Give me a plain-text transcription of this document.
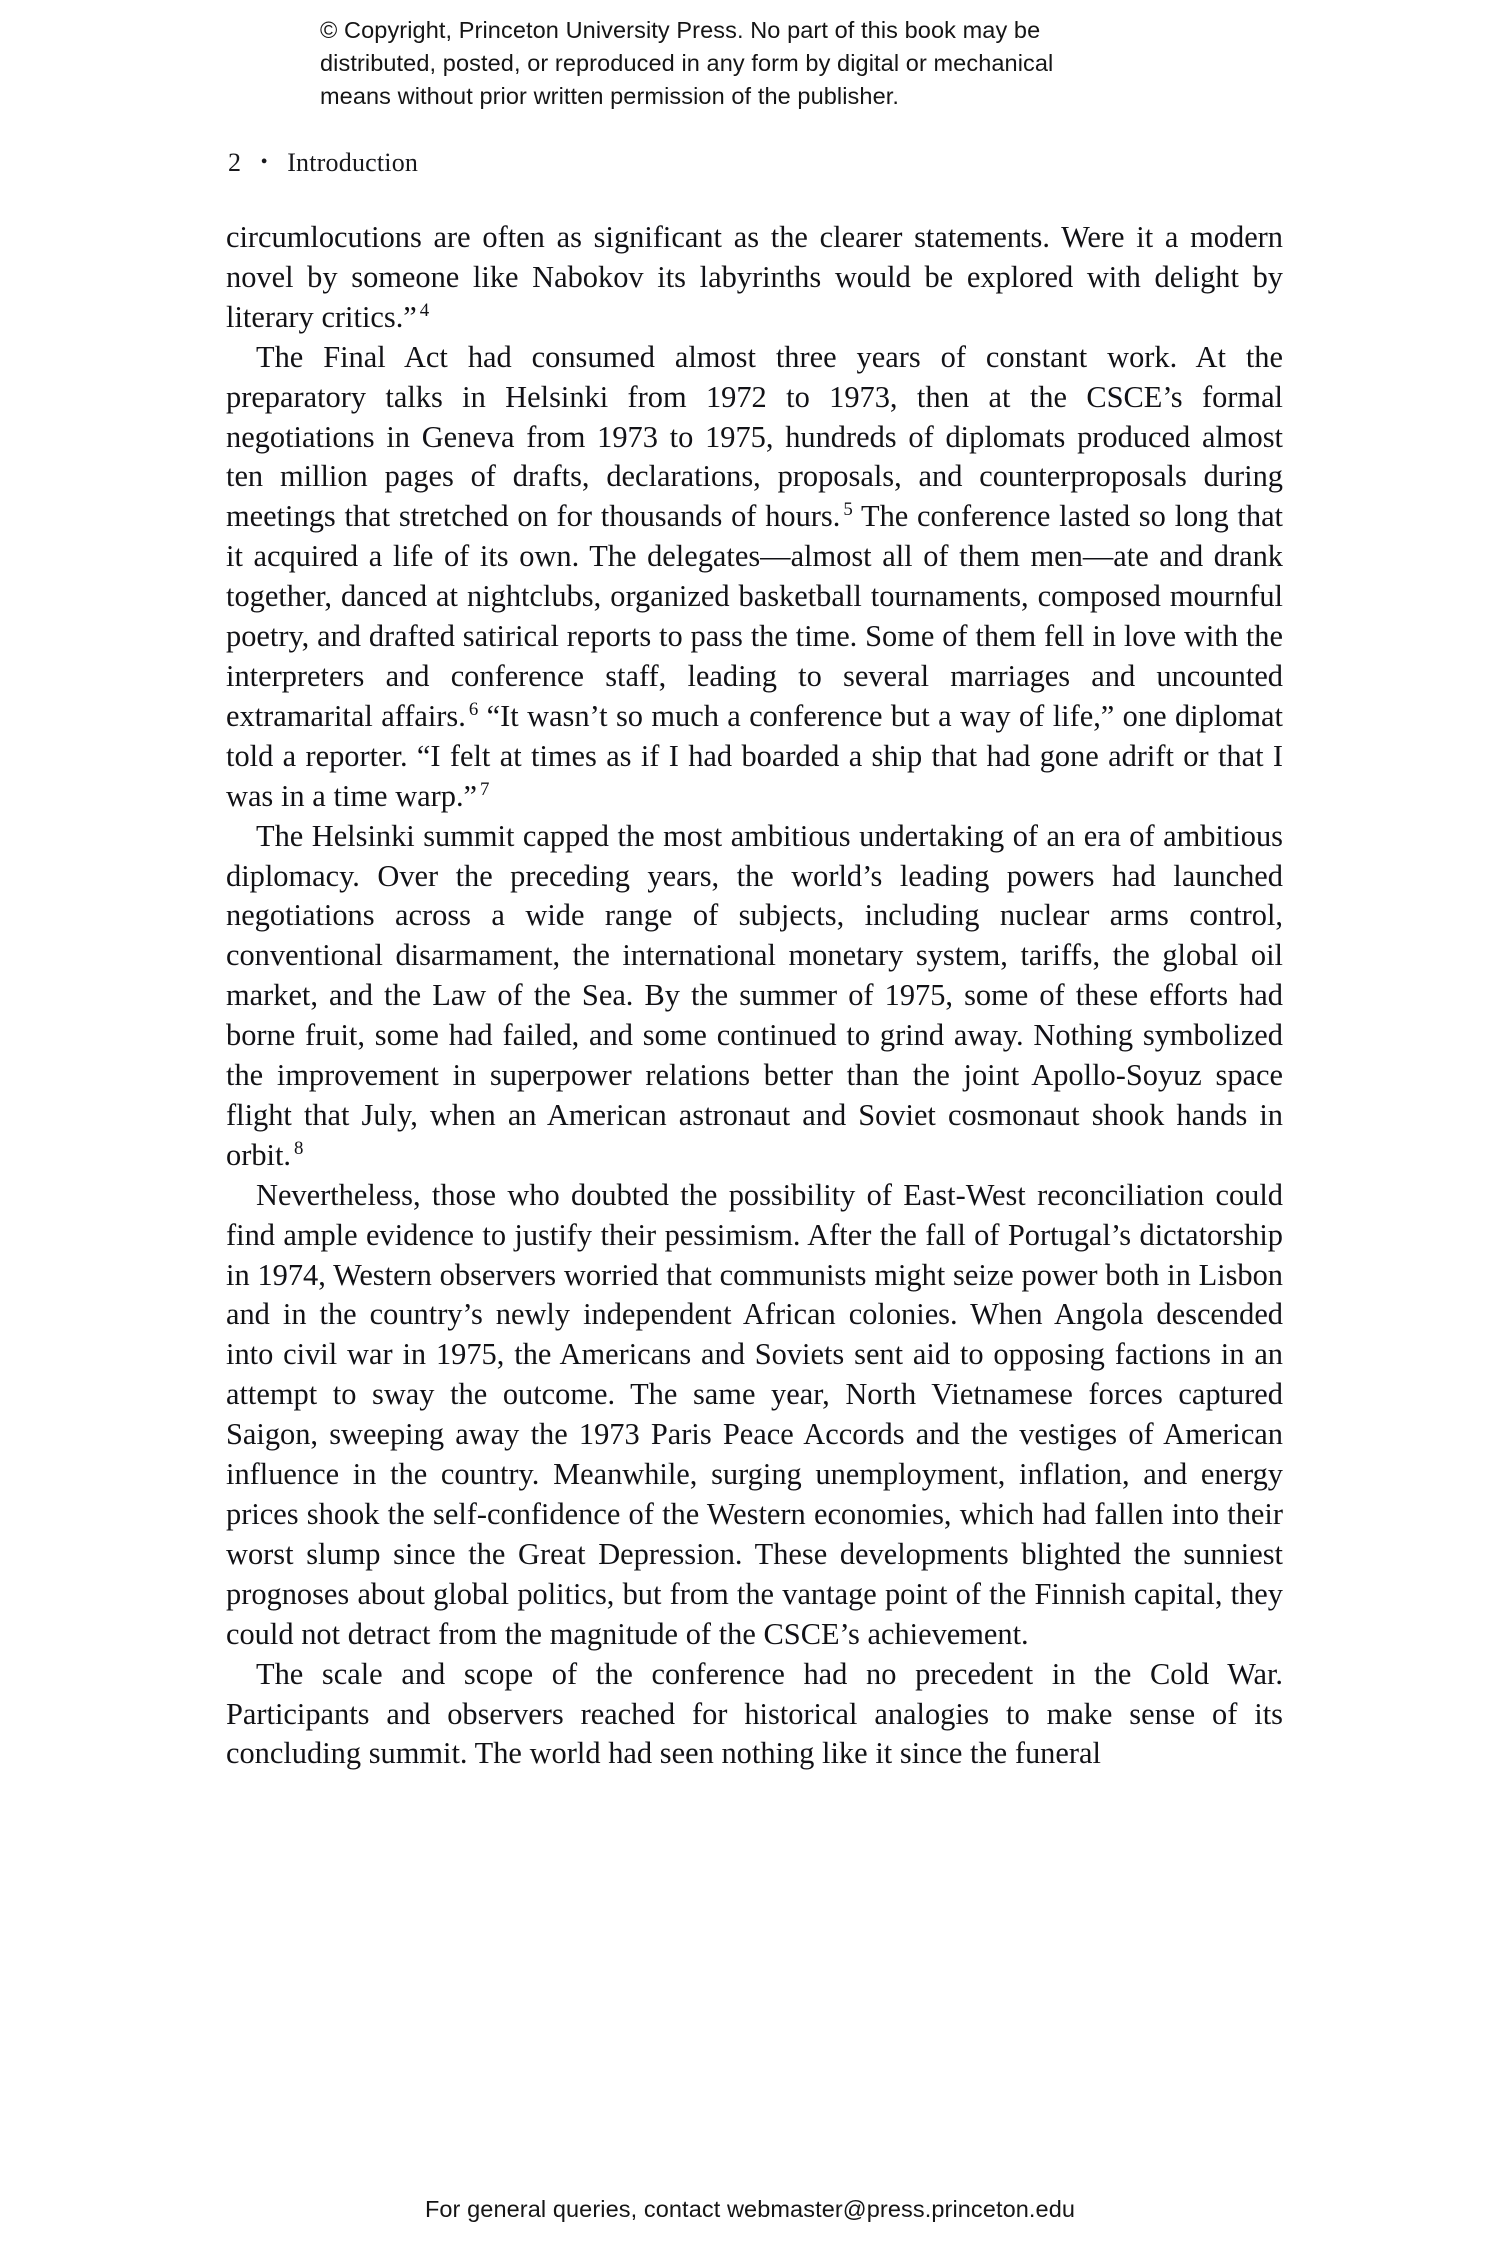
© Copyright, Princeton University Press. No part of this book may be
distributed, posted, or reproduced in any form by digital or mechanical
means without prior written permission of the publisher.
2 • Introduction

circumlocutions are often as significant as the clearer statements. Were it a modern novel by someone like Nabokov its labyrinths would be explored with delight by literary critics.” $^4$

The Final Act had consumed almost three years of constant work. At the preparatory talks in Helsinki from 1972 to 1973, then at the CSCE’s formal negotiations in Geneva from 1973 to 1975, hundreds of diplomats produced almost ten million pages of drafts, declarations, proposals, and counterproposals during meetings that stretched on for thousands of hours. $^5$ The conference lasted so long that it acquired a life of its own. The delegates—almost all of them men—ate and drank together, danced at nightclubs, organized basketball tournaments, composed mournful poetry, and drafted satirical reports to pass the time. Some of them fell in love with the interpreters and conference staff, leading to several marriages and uncounted extramarital affairs. $^6$ “It wasn’t so much a conference but a way of life,” one diplomat told a reporter. “I felt at times as if I had boarded a ship that had gone adrift or that I was in a time warp.” $^7$

The Helsinki summit capped the most ambitious undertaking of an era of ambitious diplomacy. Over the preceding years, the world’s leading powers had launched negotiations across a wide range of subjects, including nuclear arms control, conventional disarmament, the international monetary system, tariffs, the global oil market, and the Law of the Sea. By the summer of 1975, some of these efforts had borne fruit, some had failed, and some continued to grind away. Nothing symbolized the improvement in superpower relations better than the joint Apollo-Soyuz space flight that July, when an American astronaut and Soviet cosmonaut shook hands in orbit. $^8$

Nevertheless, those who doubted the possibility of East-West reconciliation could find ample evidence to justify their pessimism. After the fall of Portugal’s dictatorship in 1974, Western observers worried that communists might seize power both in Lisbon and in the country’s newly independent African colonies. When Angola descended into civil war in 1975, the Americans and Soviets sent aid to opposing factions in an attempt to sway the outcome. The same year, North Vietnamese forces captured Saigon, sweeping away the 1973 Paris Peace Accords and the vestiges of American influence in the country. Meanwhile, surging unemployment, inflation, and energy prices shook the self-confidence of the Western economies, which had fallen into their worst slump since the Great Depression. These developments blighted the sunniest prognoses about global politics, but from the vantage point of the Finnish capital, they could not detract from the magnitude of the CSCE’s achievement.

The scale and scope of the conference had no precedent in the Cold War. Participants and observers reached for historical analogies to make sense of its concluding summit. The world had seen nothing like it since the funeral

For general queries, contact webmaster@press.princeton.edu
